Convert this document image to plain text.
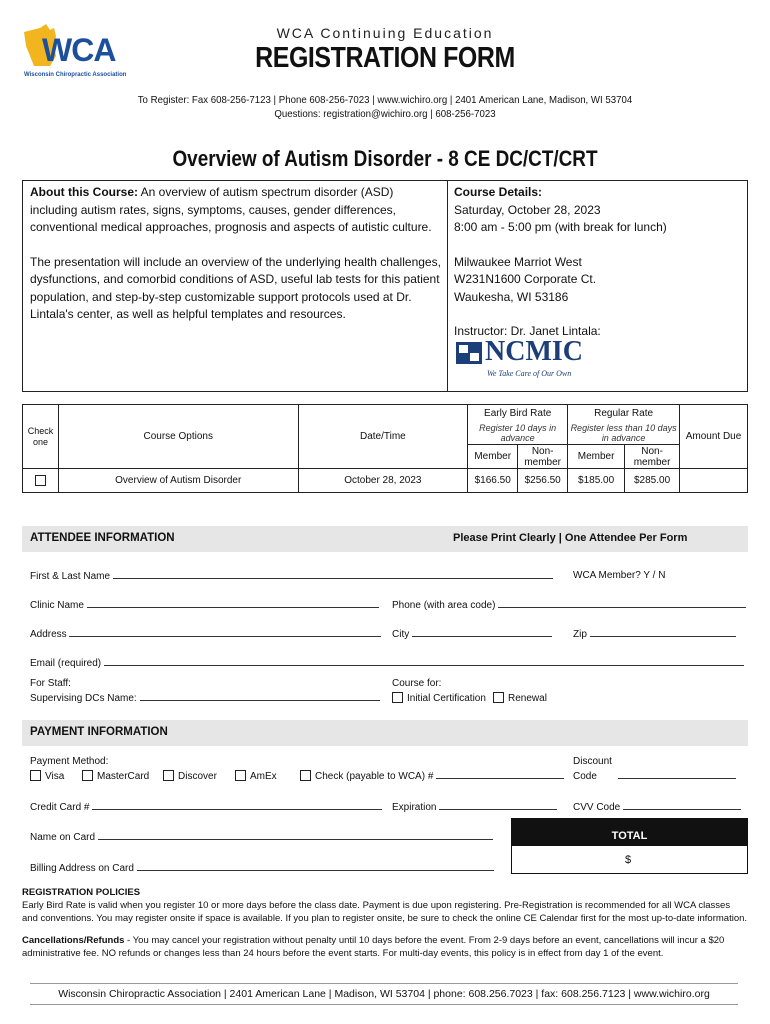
WCA
Wisconsin Chiropractic Association
WCA Continuing Education
REGISTRATION FORM
To Register: Fax 608-256-7123 | Phone 608-256-7023 | www.wichiro.org | 2401 American Lane, Madison, WI 53704
Questions: registration@wichiro.org | 608-256-7023
Overview of Autism Disorder - 8 CE DC/CT/CRT

About this Course: An overview of autism spectrum disorder (ASD) including autism rates, signs, symptoms, causes, gender differences, conventional medical approaches, prognosis and aspects of autistic culture.

The presentation will include an overview of the underlying health challenges, dysfunctions, and comorbid conditions of ASD, useful lab tests for this patient population, and step-by-step customizable support protocols used at Dr. Lintala's center, as well as helpful templates and resources.

Course Details:
Saturday, October 28, 2023
8:00 am - 5:00 pm (with break for lunch)
Milwaukee Marriot West
W231N1600 Corporate Ct.
Waukesha, WI 53186
Instructor: Dr. Janet Lintala:
NCMIC
We Take Care of Our Own
Check one	Course Options	Date/Time	Early Bird Rate		Regular Rate		Amount Due
			Register 10 days in advance		Register less than 10 days in advance		
			Member	Non-member	Member	Non-member	
	Overview of Autism Disorder	October 28, 2023	$166.50	$256.50	$185.00	$285.00	
ATTENDEE INFORMATION	Please Print Clearly | One Attendee Per Form
First & Last Name	WCA Member? Y / N
Clinic Name	Phone (with area code)
Address	City	Zip
Email (required)
For Staff:
Supervising DCs Name:
Course for:
Initial Certification	Renewal
PAYMENT INFORMATION
Payment Method:
Visa	MasterCard	Discover	AmEx	Check (payable to WCA) #
Discount
Code
Credit Card #	Expiration	CVV Code
Name on Card
Billing Address on Card
TOTAL
$
REGISTRATION POLICIES
Early Bird Rate is valid when you register 10 or more days before the class date. Payment is due upon registering. Pre-Registration is recommended for all WCA classes and conventions. You may register onsite if space is available. If you plan to register onsite, be sure to check the online CE Calendar first for the most up-to-date information.
Cancellations/Refunds - You may cancel your registration without penalty until 10 days before the event. From 2-9 days before an event, cancellations will incur a $20 administrative fee. NO refunds or changes less than 24 hours before the event starts. For multi-day events, this policy is in effect from day 1 of the event.
Wisconsin Chiropractic Association | 2401 American Lane | Madison, WI 53704 | phone: 608.256.7023 | fax: 608.256.7123 | www.wichiro.org
